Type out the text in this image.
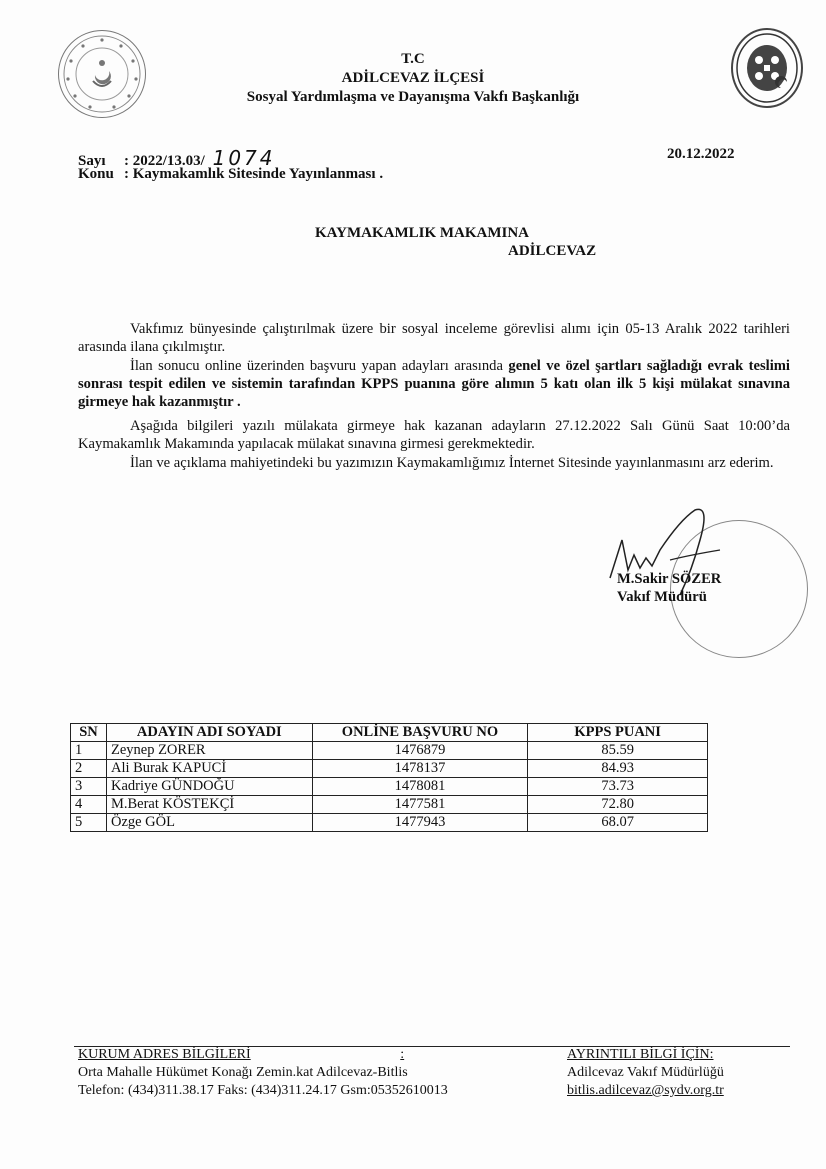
T.C
ADİLCEVAZ İLÇESİ
Sosyal Yardımlaşma ve Dayanışma Vakfı Başkanlığı
Sayı : 2022/13.03/ 1074
Konu : Kaymakamlık Sitesinde Yayınlanması .
20.12.2022
KAYMAKAMLIK MAKAMINA
ADİLCEVAZ
Vakfımız bünyesinde çalıştırılmak üzere bir sosyal inceleme görevlisi alımı için 05-13 Aralık 2022 tarihleri arasında ilana çıkılmıştır.
İlan sonucu online üzerinden başvuru yapan adayları arasında genel ve özel şartları sağladığı evrak teslimi sonrası tespit edilen ve sistemin tarafından KPPS puanına göre alımın 5 katı olan ilk 5 kişi mülakat sınavına girmeye hak kazanmıştır .
Aşağıda bilgileri yazılı mülakata girmeye hak kazanan adayların 27.12.2022 Salı Günü Saat 10:00’da Kaymakamlık Makamında yapılacak mülakat sınavına girmesi gerekmektedir.
İlan ve açıklama mahiyetindeki bu yazımızın Kaymakamlığımız İnternet Sitesinde yayınlanmasını arz ederim.
M.Sakir SÖZER
Vakıf Müdürü
SN	ADAYIN ADI SOYADI	ONLİNE BAŞVURU NO	KPPS PUANI
1	Zeynep ZORER	1476879	85.59
2	Ali Burak KAPUCİ	1478137	84.93
3	Kadriye GÜNDOĞU	1478081	73.73
4	M.Berat KÖSTEKÇİ	1477581	72.80
5	Özge GÖL	1477943	68.07
KURUM ADRES BİLGİLERİ	:
Orta Mahalle Hükümet Konağı Zemin.kat Adilcevaz-Bitlis
Telefon: (434)311.38.17 Faks: (434)311.24.17 Gsm:05352610013
AYRINTILI BİLGİ İÇİN:
Adilcevaz Vakıf Müdürlüğü
bitlis.adilcevaz@sydv.org.tr
